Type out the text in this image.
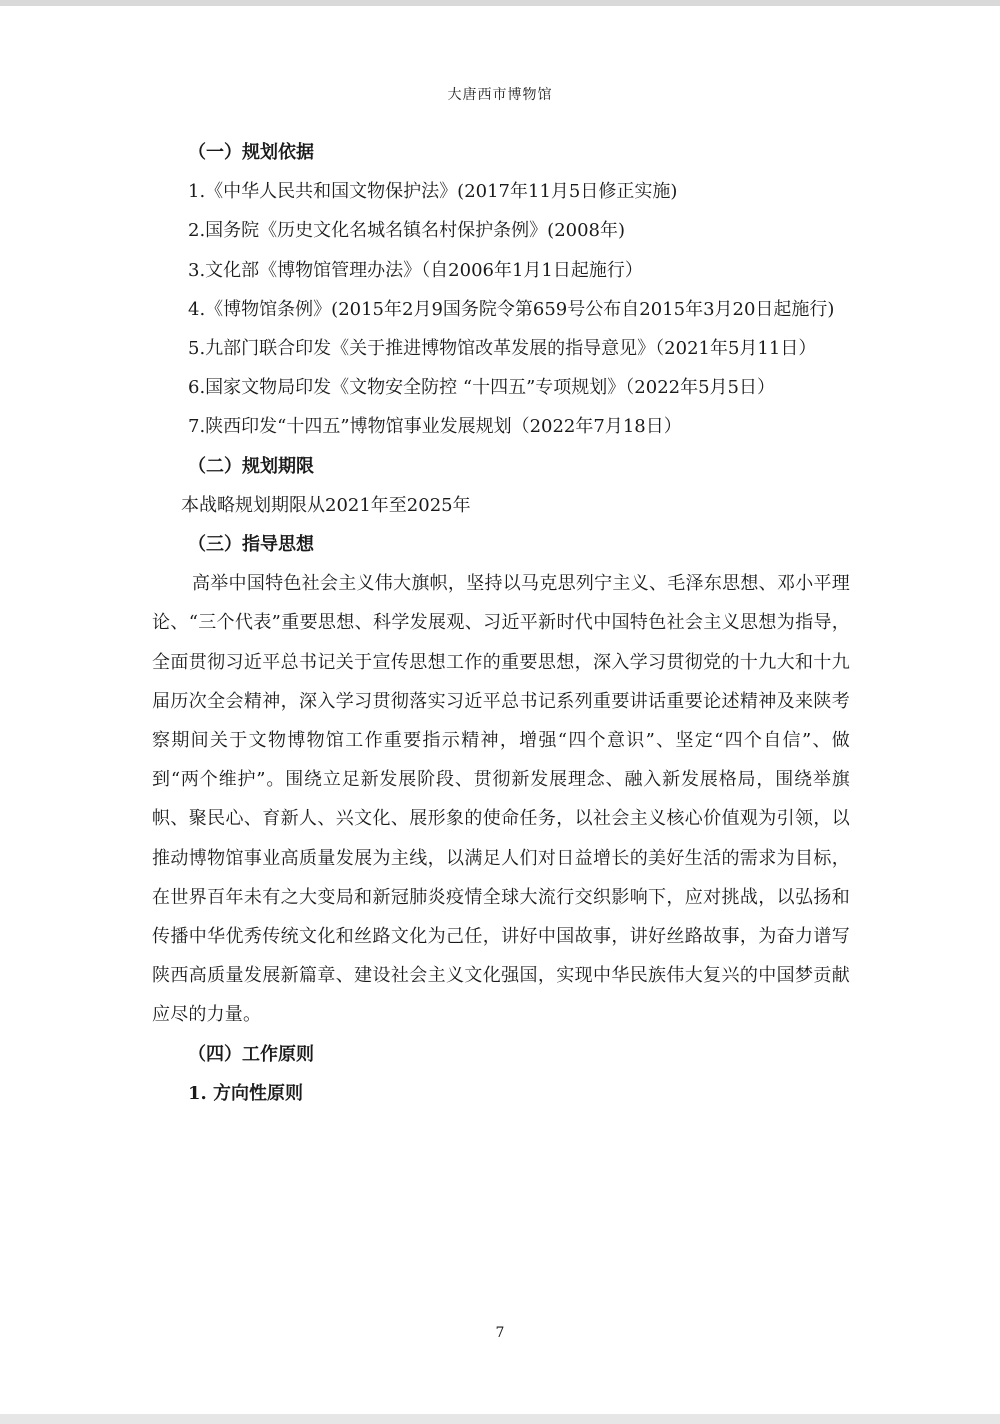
大唐西市博物馆

（一）规划依据

1.《中华人民共和国文物保护法》(2017年11月5日修正实施)

2.国务院《历史文化名城名镇名村保护条例》(2008年)

3.文化部《博物馆管理办法》（自2006年1月1日起施行）

4.《博物馆条例》(2015年2月9国务院令第659号公布自2015年3月20日起施行)

5.九部门联合印发《关于推进博物馆改革发展的指导意见》（2021年5月11日）

6.国家文物局印发《文物安全防控 “十四五”专项规划》（2022年5月5日）

7.陕西印发“十四五”博物馆事业发展规划（2022年7月18日）

（二）规划期限

本战略规划期限从2021年至2025年

（三）指导思想

高举中国特色社会主义伟大旗帜，坚持以马克思列宁主义、毛泽东思想、邓小平理论、“三个代表”重要思想、科学发展观、习近平新时代中国特色社会主义思想为指导，全面贯彻习近平总书记关于宣传思想工作的重要思想，深入学习贯彻党的十九大和十九届历次全会精神，深入学习贯彻落实习近平总书记系列重要讲话重要论述精神及来陕考察期间关于文物博物馆工作重要指示精神，增强“四个意识”、坚定“四个自信”、做到“两个维护”。围绕立足新发展阶段、贯彻新发展理念、融入新发展格局，围绕举旗帜、聚民心、育新人、兴文化、展形象的使命任务，以社会主义核心价值观为引领，以推动博物馆事业高质量发展为主线，以满足人们对日益增长的美好生活的需求为目标，在世界百年未有之大变局和新冠肺炎疫情全球大流行交织影响下，应对挑战，以弘扬和传播中华优秀传统文化和丝路文化为己任，讲好中国故事，讲好丝路故事，为奋力谱写陕西高质量发展新篇章、建设社会主义文化强国，实现中华民族伟大复兴的中国梦贡献应尽的力量。

（四）工作原则

1. 方向性原则

7
